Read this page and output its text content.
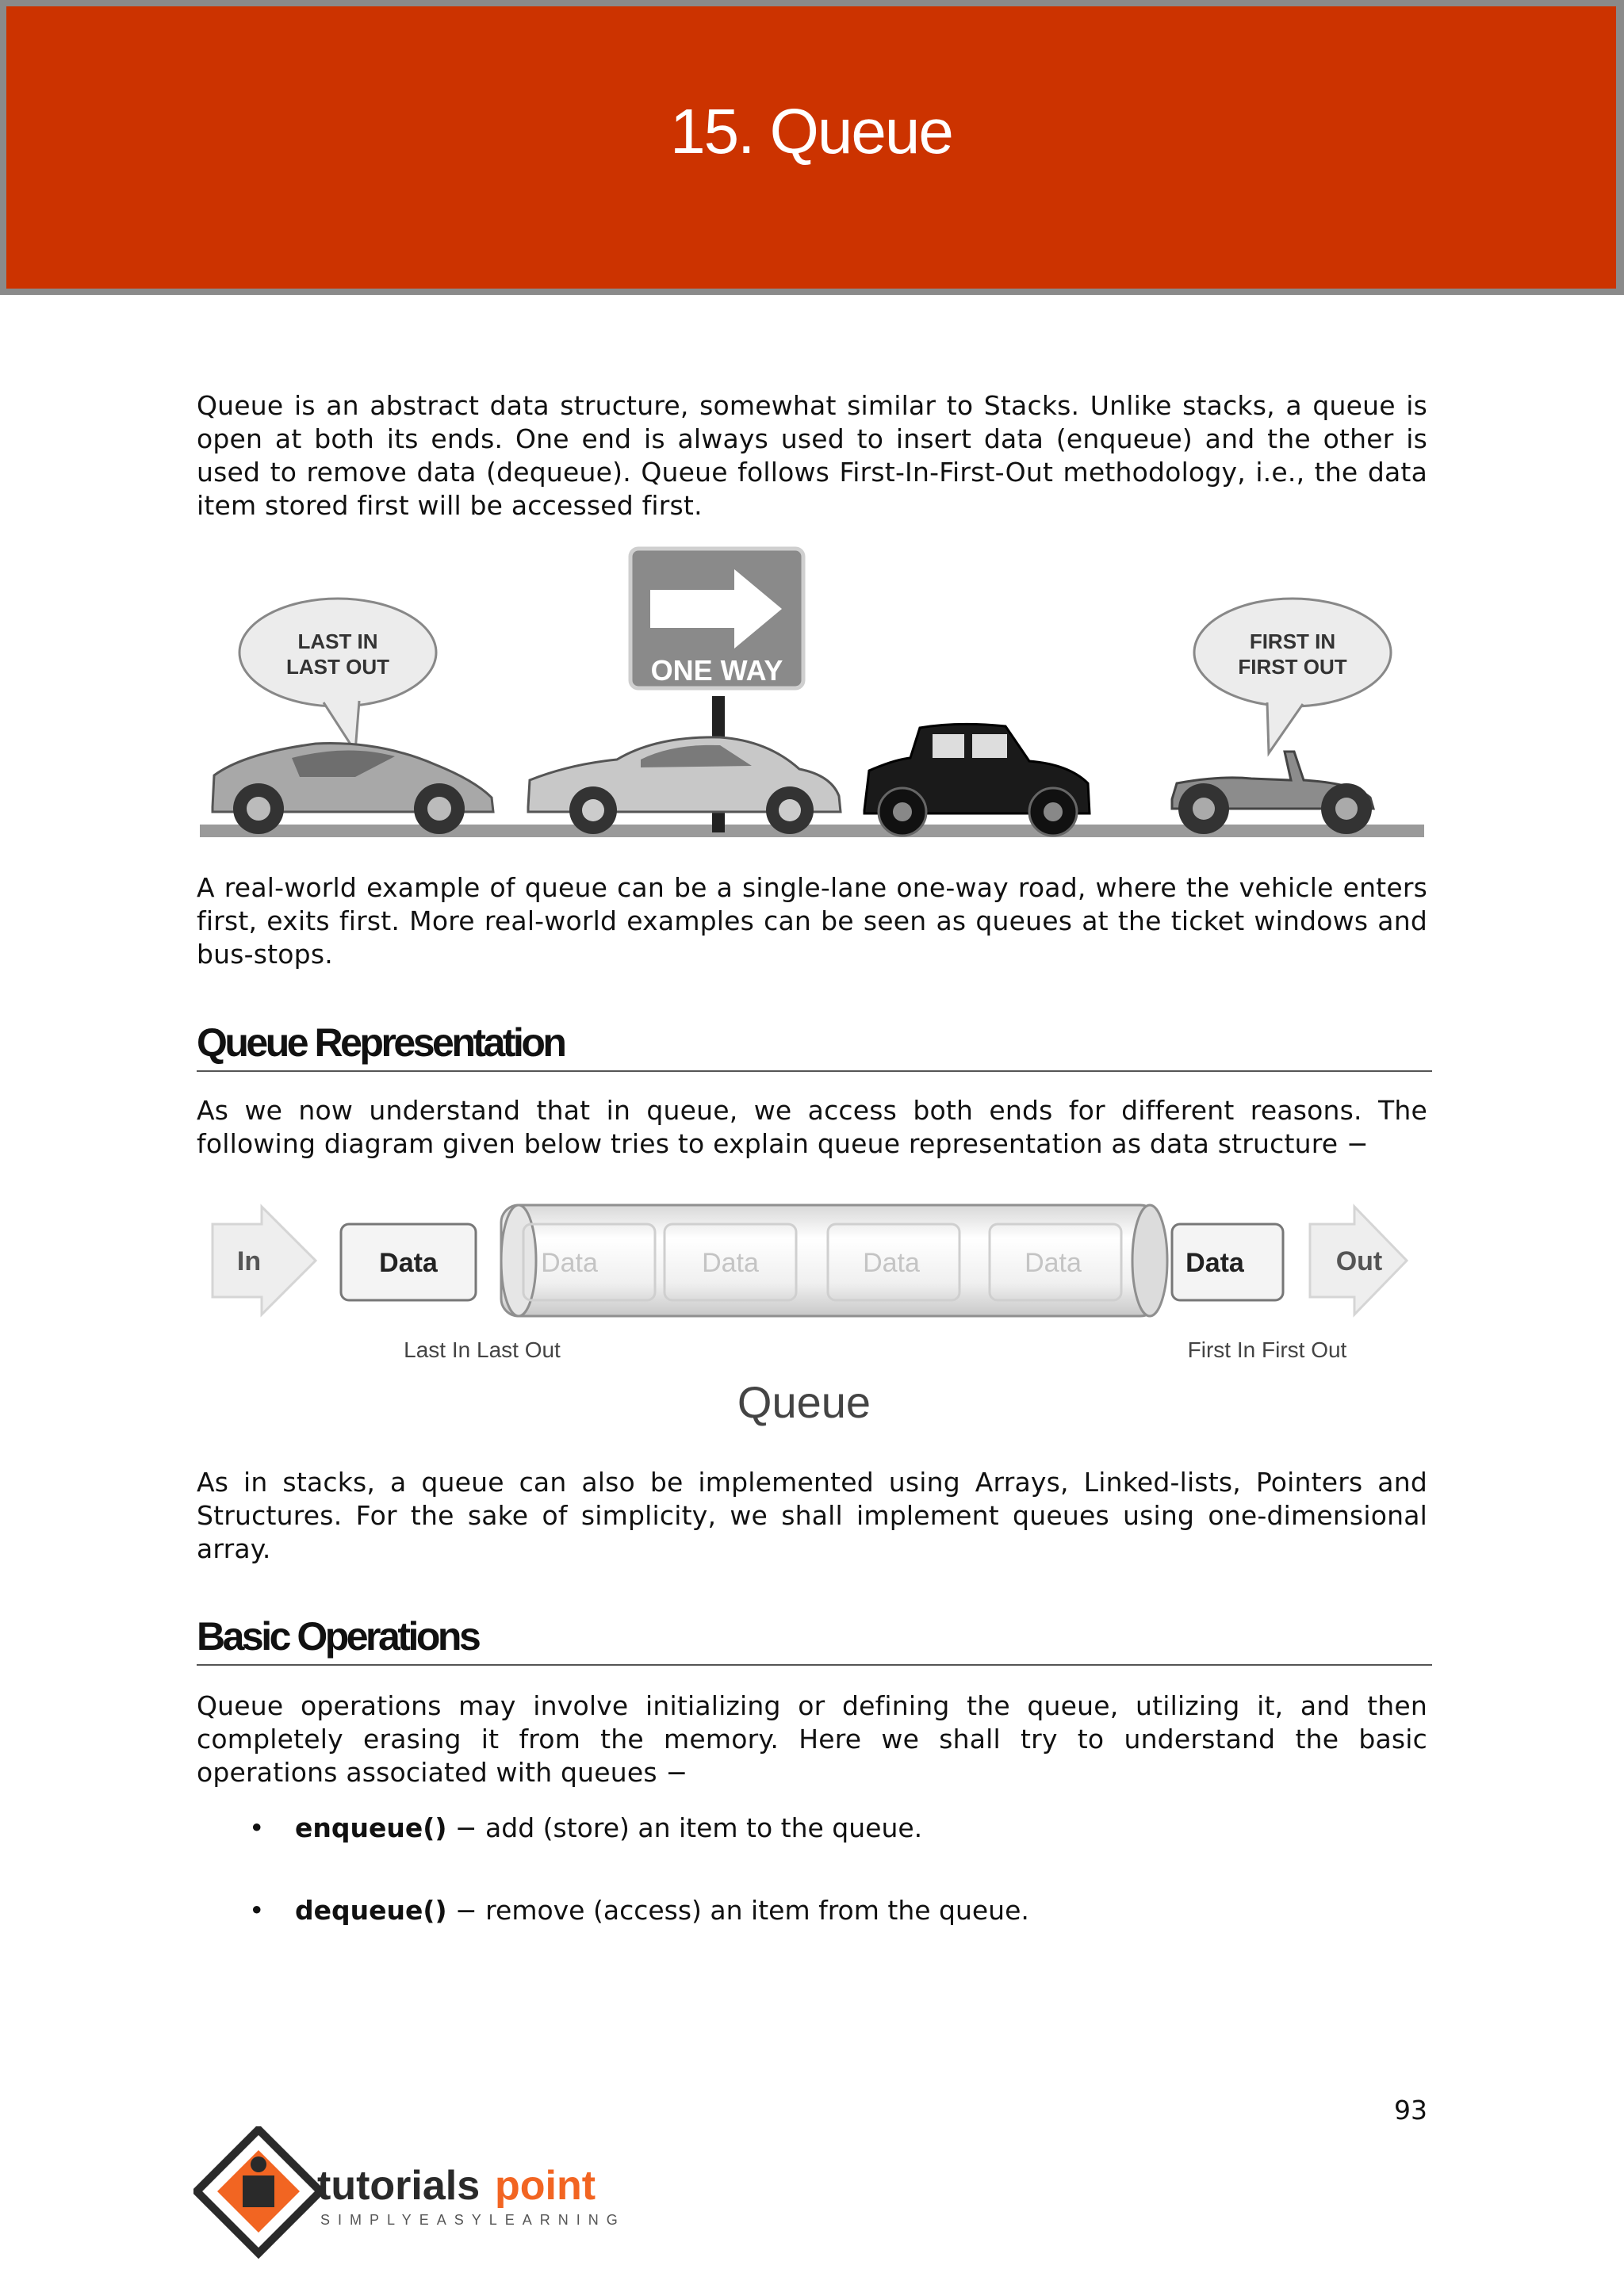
15. Queue

Queue is an abstract data structure, somewhat similar to Stacks. Unlike stacks, a queue is open at both its ends. One end is always used to insert data (enqueue) and the other is used to remove data (dequeue). Queue follows First-In-First-Out methodology, i.e., the data item stored first will be accessed first.

LAST IN
LAST OUT	ONE WAY
FIRST IN
FIRST OUT

A real-world example of queue can be a single-lane one-way road, where the vehicle enters first, exits first. More real-world examples can be seen as queues at the ticket windows and bus-stops.

Queue Representation

As we now understand that in queue, we access both ends for different reasons. The following diagram given below tries to explain queue representation as data structure −

In	Data	Data	Data	Data	Data	Data	Out
Last In Last Out	First In First Out
Queue

As in stacks, a queue can also be implemented using Arrays, Linked-lists, Pointers and Structures. For the sake of simplicity, we shall implement queues using one-dimensional array.

Basic Operations

Queue operations may involve initializing or defining the queue, utilizing it, and then completely erasing it from the memory. Here we shall try to understand the basic operations associated with queues −

• enqueue() − add (store) an item to the queue.
• dequeue() − remove (access) an item from the queue.
93
tutorials point
SIMPLYEASYLEARNING
